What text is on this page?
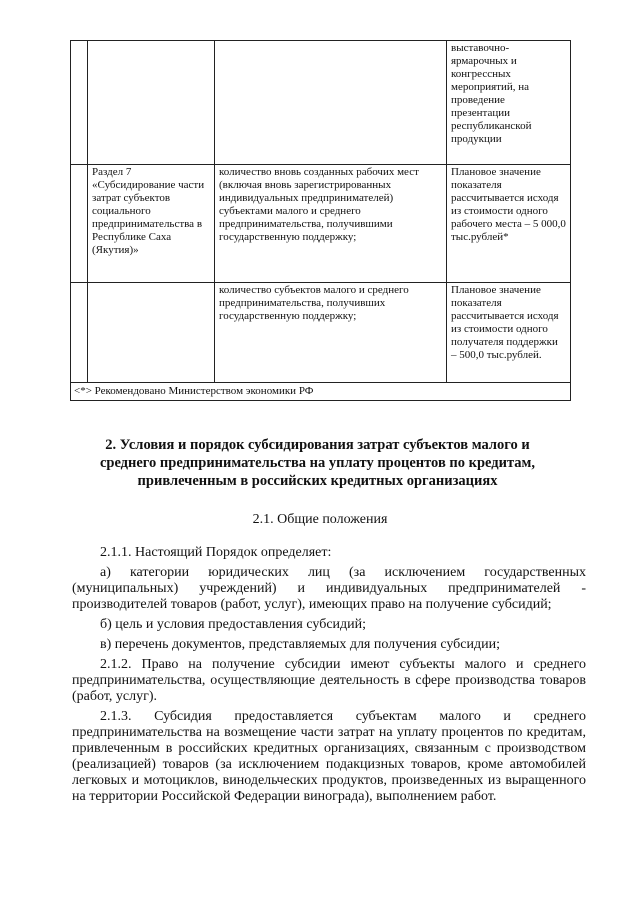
			выставочно-ярмарочных и конгрессных мероприятий, на проведение презентации республиканской продукции
	Раздел 7 «Субсидирование части затрат субъектов социального предпринимательства в Республике Саха (Якутия)»	количество вновь созданных рабочих мест (включая вновь зарегистрированных индивидуальных предпринимателей) субъектами малого и среднего предпринимательства, получившими государственную поддержку;	Плановое значение показателя рассчитывается исходя из стоимости одного рабочего места – 5 000,0 тыс.рублей*
		количество субъектов малого и среднего предпринимательства, получивших государственную поддержку;	Плановое значение показателя рассчитывается исходя из стоимости одного получателя поддержки – 500,0 тыс.рублей.
<*> Рекомендовано Министерством экономики РФ			
2. Условия и порядок субсидирования затрат субъектов малого и среднего предпринимательства на уплату процентов по кредитам, привлеченным в российских кредитных организациях
2.1. Общие положения

2.1.1. Настоящий Порядок определяет:

а) категории юридических лиц (за исключением государственных (муниципальных) учреждений) и индивидуальных предпринимателей - производителей товаров (работ, услуг), имеющих право на получение субсидий;

б) цель и условия предоставления субсидий;

в) перечень документов, представляемых для получения субсидии;

2.1.2. Право на получение субсидии имеют субъекты малого и среднего предпринимательства, осуществляющие деятельность в сфере производства товаров (работ, услуг).

2.1.3. Субсидия предоставляется субъектам малого и среднего предпринимательства на возмещение части затрат на уплату процентов по кредитам, привлеченным в российских кредитных организациях, связанным с производством (реализацией) товаров (за исключением подакцизных товаров, кроме автомобилей легковых и мотоциклов, винодельческих продуктов, произведенных из выращенного на территории Российской Федерации винограда), выполнением работ.
